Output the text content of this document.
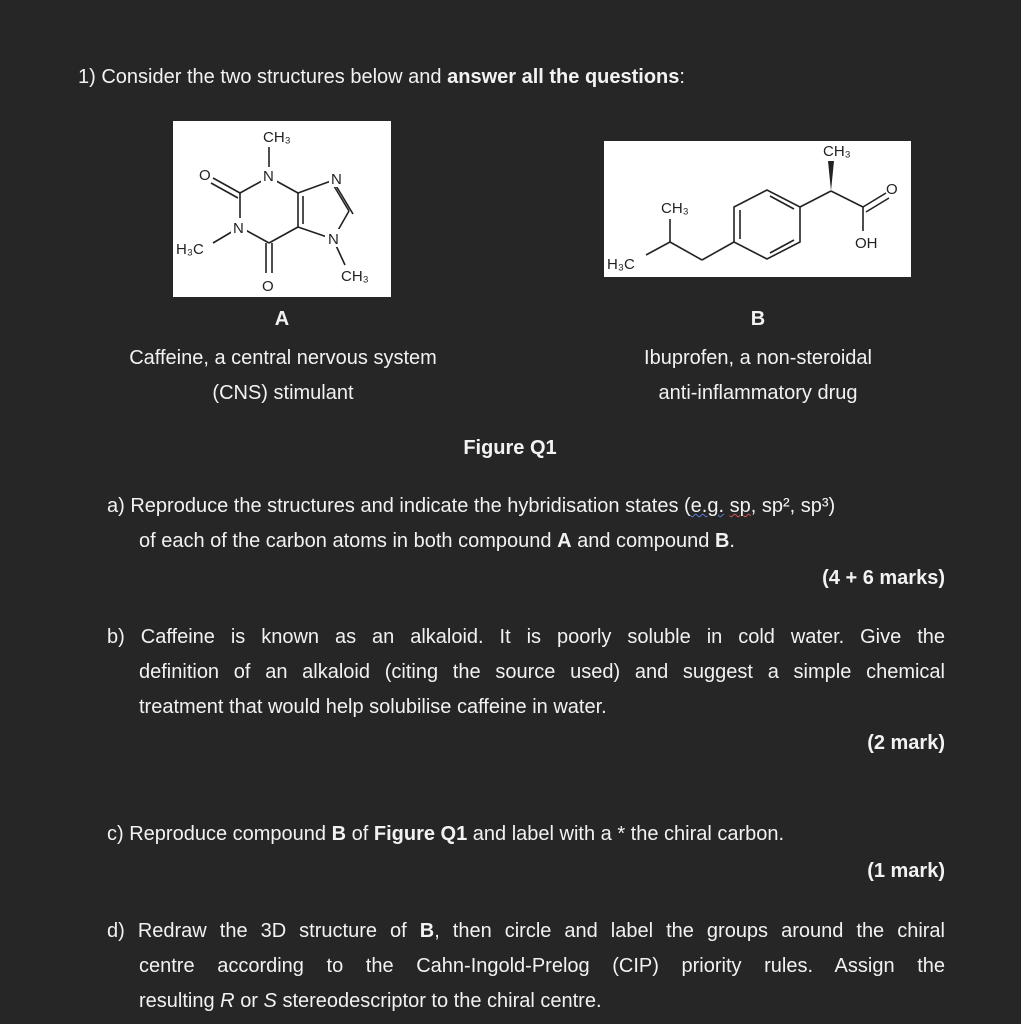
1) Consider the two structures below and answer all the questions:
N
N
N
N
O
O
CH₃
H₃C
CH₃
CH₃
O
OH
CH₃
H₃C
A	B
Caffeine, a central nervous system
(CNS) stimulant
Ibuprofen, a non-steroidal
anti-inflammatory drug
Figure Q1
a) Reproduce the structures and indicate the hybridisation states (e.g. sp, sp², sp³)
of each of the carbon atoms in both compound A and compound B.
(4 + 6 marks)
b) Caffeine is known as an alkaloid. It is poorly soluble in cold water. Give the
definition of an alkaloid (citing the source used) and suggest a simple chemical
treatment that would help solubilise caffeine in water.
(2 mark)
c) Reproduce compound B of Figure Q1 and label with a * the chiral carbon.
(1 mark)
d) Redraw the 3D structure of B, then circle and label the groups around the chiral
centre according to the Cahn-Ingold-Prelog (CIP) priority rules. Assign the
resulting R or S stereodescriptor to the chiral centre.
